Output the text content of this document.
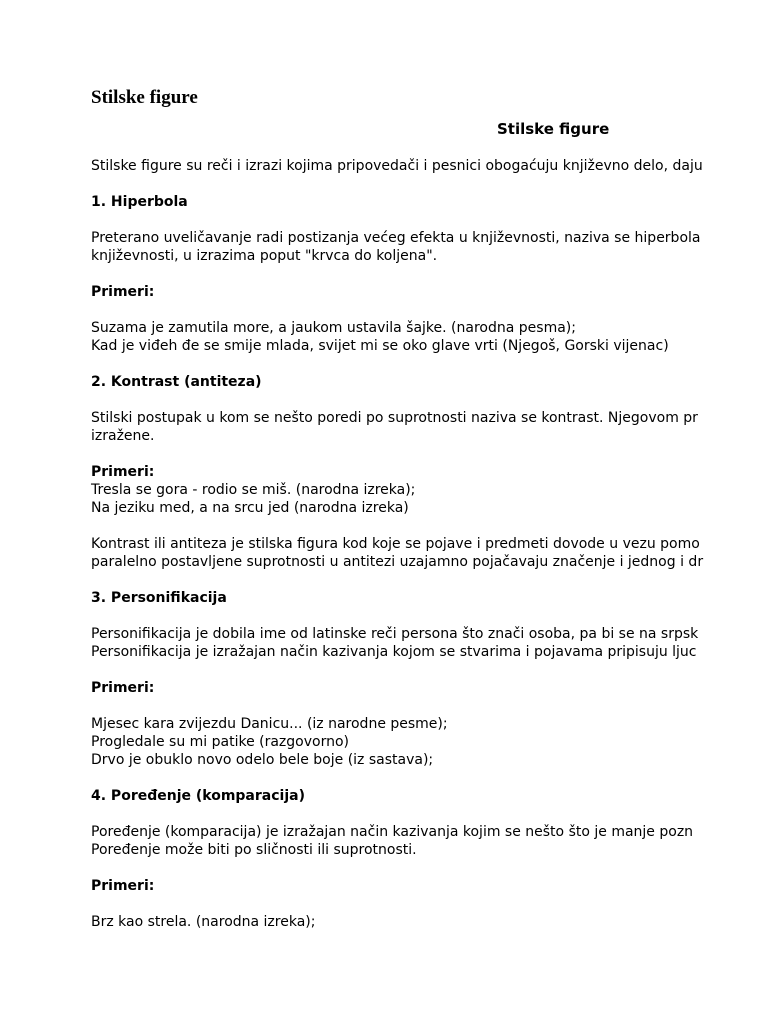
Stilske figure
Stilske figure
Stilske figure su reči i izrazi kojima pripovedači i pesnici obogaćuju književno delo, daju
1. Hiperbola
Preterano uveličavanje radi postizanja većeg efekta u književnosti, naziva se hiperbola
književnosti, u izrazima poput "krvca do koljena".
Primeri:
Suzama je zamutila more, a jaukom ustavila šajke. (narodna pesma);
Kad je viđeh đe se smije mlada, svijet mi se oko glave vrti (Njegoš, Gorski vijenac)
2. Kontrast (antiteza)
Stilski postupak u kom se nešto poredi po suprotnosti naziva se kontrast. Njegovom pr
izražene.
Primeri:
Tresla se gora - rodio se miš. (narodna izreka);
Na jeziku med, a na srcu jed (narodna izreka)
Kontrast ili antiteza je stilska figura kod koje se pojave i predmeti dovode u vezu pomo
paralelno postavljene suprotnosti u antitezi uzajamno pojačavaju značenje i jednog i dr
3. Personifikacija
Personifikacija je dobila ime od latinske reči persona što znači osoba, pa bi se na srpsk
Personifikacija je izražajan način kazivanja kojom se stvarima i pojavama pripisuju ljuc
Primeri:
Mjesec kara zvijezdu Danicu... (iz narodne pesme);
Progledale su mi patike (razgovorno)
Drvo je obuklo novo odelo bele boje (iz sastava);
4. Poređenje (komparacija)
Poređenje (komparacija) je izražajan način kazivanja kojim se nešto što je manje pozn
Poređenje može biti po sličnosti ili suprotnosti.
Primeri:
Brz kao strela. (narodna izreka);
